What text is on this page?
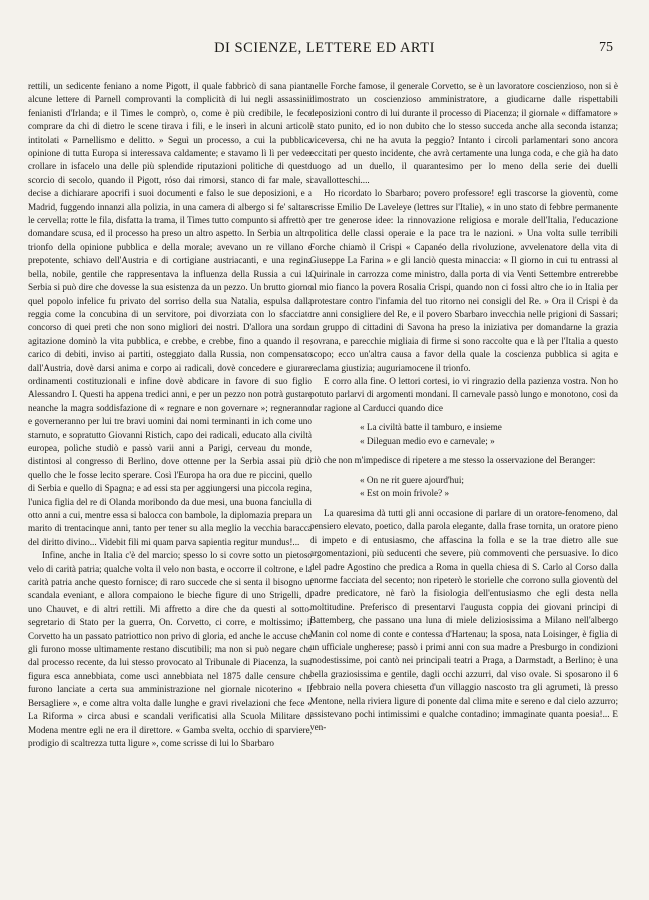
DI SCIENZE, LETTERE ED ARTI	75

rettili, un sedicente feniano a nome Pigott, il quale fabbricò di sana pianta alcune lettere di Parnell comprovanti la complicità di lui negli assassinii fenianisti d'Irlanda; e il Times le comprò, o, come è più credibile, le fece comprare da chi di dietro le scene tirava i fili, e le inserì in alcuni articoli intitolati « Parnellismo e delitto. » Seguì un processo, a cui la pubblica opinione di tutta Europa si interessava caldamente; e stavamo lì lì per veder crollare in isfacelo una delle più splendide riputazioni politiche di questo scorcio di secolo, quando il Pigott, róso dai rimorsi, stanco di far male, si decise a dichiarare apocrifi i suoi documenti e falso le sue deposizioni, e a Madrid, fuggendo innanzi alla polizia, in una camera di albergo si fe' saltare le cervella; rotte le fila, disfatta la trama, il Times tutto compunto si affrettò a domandare scusa, ed il processo ha preso un altro aspetto. In Serbia un altro trionfo della opinione pubblica e della morale; avevano un re villano e prepotente, schiavo dell'Austria e di cortigiane austriacanti, e una regina bella, nobile, gentile che rappresentava la influenza della Russia a cui la Serbia si può dire che dovesse la sua esistenza da un pezzo. Un brutto giorno quel popolo infelice fu privato del sorriso della sua Natalia, espulsa dalla reggia come la concubina di un servitore, poi divorziata con lo sfacciato concorso di quei preti che non sono migliori dei nostri. D'allora una sorda agitazione dominò la vita pubblica, e crebbe, e crebbe, fino a quando il re, carico di debiti, inviso ai partiti, osteggiato dalla Russia, non compensato dall'Austria, dovè darsi anima e corpo ai radicali, dovè concedere e giurare ordinamenti costituzionali e infine dovè abdicare in favore di suo figlio Alessandro I. Questi ha appena tredici anni, e per un pezzo non potrà gustare neanche la magra soddisfazione di « regnare e non governare »; regneranno e governeranno per lui tre bravi uomini dai nomi terminanti in ich come uno starnuto, e sopratutto Giovanni Ristich, capo dei radicali, educato alla civiltà europea, polìche studiò e passò varii anni a Parigi, cerveau du monde, distintosi al congresso di Berlino, dove ottenne per la Serbia assai più di quello che le fosse lecito sperare. Così l'Europa ha ora due re piccini, quello di Serbia e quello di Spagna; e ad essi sta per aggiungersi una piccola regina, l'unica figlia del re di Olanda moribondo da due mesi, una buona fanciulla di otto anni a cui, mentre essa si balocca con bambole, la diplomazia prepara un marito di trentacinque anni, tanto per tener su alla meglio la vecchia baracca del diritto divino... Videbit fili mi quam parva sapientia regitur mundus!...

Infine, anche in Italia c'è del marcio; spesso lo si covre sotto un pietoso velo di carità patria; qualche volta il velo non basta, e occorre il coltrone, e la carità patria anche questo fornisce; di raro succede che si senta il bisogno ut scandala eveniant, e allora compaiono le bieche figure di uno Strigelli, di uno Chauvet, e di altri rettili. Mi affretto a dire che da questi al sotto-segretario di Stato per la guerra, On. Corvetto, ci corre, e moltissimo; il Corvetto ha un passato patriottico non privo di gloria, ed anche le accuse che gli furono mosse ultimamente restano discutibili; ma non si può negare che dal processo recente, da lui stesso provocato al Tribunale di Piacenza, la sua figura esca annebbiata, come uscì annebbiata nel 1875 dalle censure che furono lanciate a certa sua amministrazione nel giornale nicoterino « Il Bersagliere », e come altra volta dalle lunghe e gravi rivelazioni che fece « La Riforma » circa abusi e scandali verificatisi alla Scuola Militare di Modena mentre egli ne era il direttore. « Gamba svelta, occhio di sparviere, prodigio di scaltrezza tutta ligure », come scrisse di lui lo Sbarbaro

nelle Forche famose, il generale Corvetto, se è un lavoratore coscienzioso, non si è dimostrato un coscienzioso amministratore, a giudicarne dalle rispettabili deposizioni contro di lui durante il processo di Piacenza; il giornale « diffamatore » è stato punito, ed io non dubito che lo stesso succeda anche alla seconda istanza; viceversa, chi ne ha avuta la peggio? Intanto i circoli parlamentari sono ancora eccitati per questo incidente, che avrà certamente una lunga coda, e che già ha dato luogo ad un duello, il quarantesimo per lo meno della serie dei duelli cavallotteschi....

Ho ricordato lo Sbarbaro; povero professore! egli trascorse la gioventù, come scrisse Emilio De Laveleye (lettres sur l'Italie), « in uno stato di febbre permanente per tre generose idee: la rinnovazione religiosa e morale dell'Italia, l'educazione politica delle classi operaie e la pace tra le nazioni. » Una volta sulle terribili Forche chiamò il Crispi « Capanéo della rivoluzione, avvelenatore della vita di Giuseppe La Farina » e gli lanciò questa minaccia: « Il giorno in cui tu entrassi al Quirinale in carrozza come ministro, dalla porta di via Venti Settembre entrerebbe al mio fianco la povera Rosalia Crispi, quando non ci fossi altro che io in Italia per protestare contro l'infamia del tuo ritorno nei consigli del Re. » Ora il Crispi è da tre anni consigliere del Re, e il povero Sbarbaro invecchia nelle prigioni di Sassari; un gruppo di cittadini di Savona ha preso la iniziativa per domandarne la grazia sovrana, e parecchie migliaia di firme si sono raccolte qua e là per l'Italia a questo scopo; ecco un'altra causa a favor della quale la coscienza pubblica si agita e reclama giustizia; auguriamocene il trionfo.

E corro alla fine. O lettori cortesi, io vi ringrazio della pazienza vostra. Non ho potuto parlarvi di argomenti mondani. Il carnevale passò lungo e monotono, così da dar ragione al Carducci quando dice

« La civiltà batte il tamburo, e insieme
« Dileguan medio evo e carnevale; »

ciò che non m'impedisce di ripetere a me stesso la osservazione del Beranger:

« On ne rit guere ajourd'hui;
« Est on moin frivole? »

La quaresima dà tutti gli anni occasione di parlare di un oratore-fenomeno, dal pensiero elevato, poetico, dalla parola elegante, dalla frase tornita, un oratore pieno di impeto e di entusiasmo, che affascina la folla e se la trae dietro alle sue argomentazioni, più seducenti che severe, più commoventi che persuasive. Io dico del padre Agostino che predica a Roma in quella chiesa di S. Carlo al Corso dalla enorme facciata del secento; non ripeterò le storielle che corrono sulla gioventù del padre predicatore, nè farò la fisiologia dell'entusiasmo che egli desta nella moltitudine. Preferisco di presentarvi l'augusta coppia dei giovani principi di Battemberg, che passano una luna di miele deliziosissima a Milano nell'albergo Manin col nome di conte e contessa d'Hartenau; la sposa, nata Loisinger, è figlia di un ufficiale ungherese; passò i primi anni con sua madre a Presburgo in condizioni modestissime, poi cantò nei principali teatri a Praga, a Darmstadt, a Berlino; è una bella graziosissima e gentile, dagli occhi azzurri, dal viso ovale. Si sposarono il 6 febbraio nella povera chiesetta d'un villaggio nascosto tra gli agrumeti, là presso Mentone, nella riviera ligure di ponente dal clima mite e sereno e dal cielo azzurro; assistevano pochi intimissimi e qualche contadino; immaginate quanta poesia!... E ven-
